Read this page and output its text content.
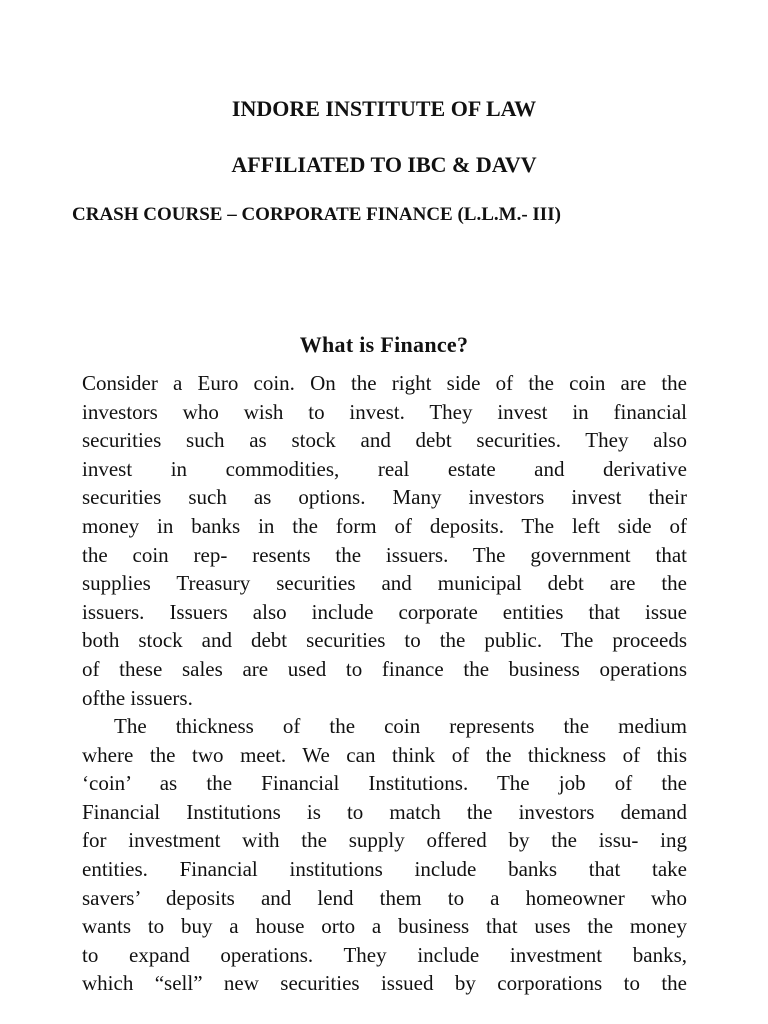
INDORE INSTITUTE OF LAW
AFFILIATED TO IBC & DAVV
CRASH COURSE – CORPORATE FINANCE (L.L.M.- III)
What is Finance?
Consider a Euro coin. On the right side of the coin are the
investors who wish to invest. They invest in financial
securities such as stock and debt securities. They also
invest in commodities, real estate and derivative
securities such as options. Many investors invest their
money in banks in the form of deposits. The left side of
the coin rep- resents the issuers. The government that
supplies Treasury securities and municipal debt are the
issuers. Issuers also include corporate entities that issue
both stock and debt securities to the public. The proceeds
of these sales are used to finance the business operations
ofthe issuers.
The thickness of the coin represents the medium
where the two meet. We can think of the thickness of this
‘coin’ as the Financial Institutions. The job of the
Financial Institutions is to match the investors demand
for investment with the supply offered by the issu- ing
entities. Financial institutions include banks that take
savers’ deposits and lend them to a homeowner who
wants to buy a house orto a business that uses the money
to expand operations. They include investment banks,
which “sell” new securities issued by corporations to the
